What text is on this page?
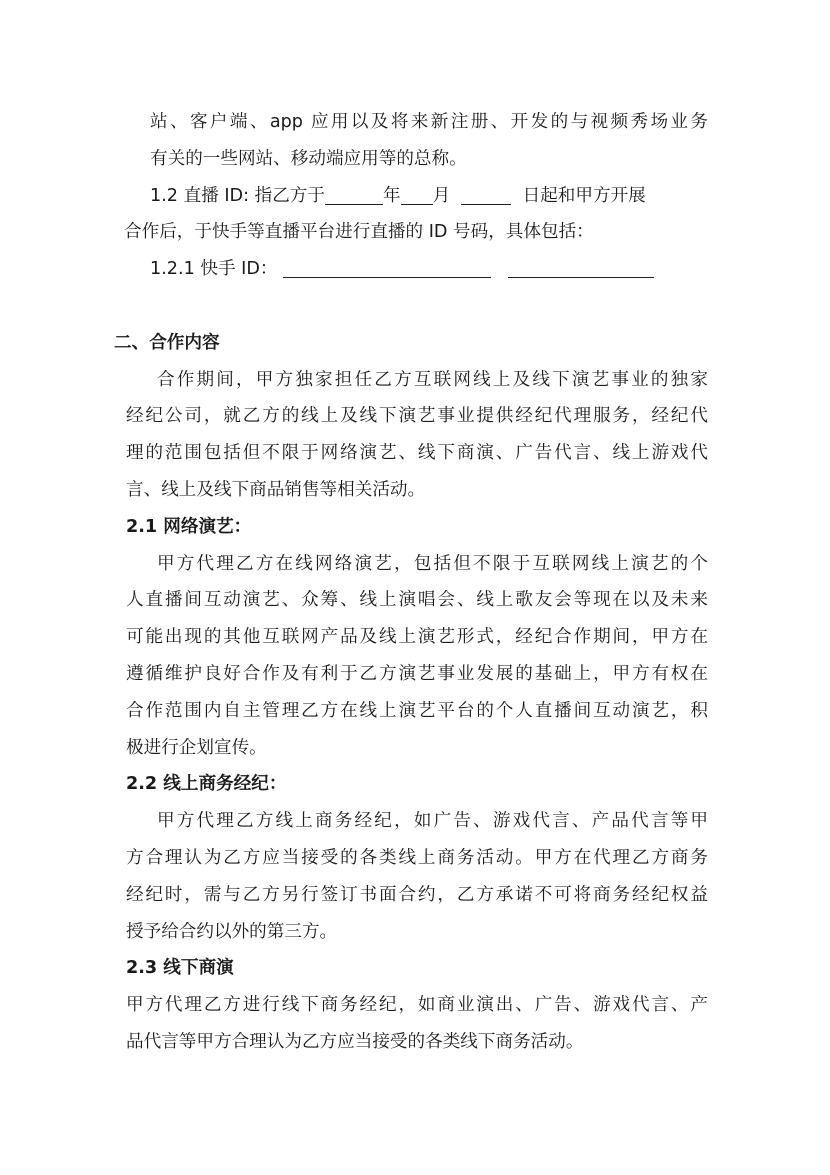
站、客户端、app 应用以及将来新注册、开发的与视频秀场业务
有关的一些网站、移动端应用等的总称。
1.2 直播 ID: 指乙方于	年 月	日起和甲方开展
合作后，于快手等直播平台进行直播的 ID 号码，具体包括：
1.2.1 快手 ID：
二、合作内容
合作期间，甲方独家担任乙方互联网线上及线下演艺事业的独家
经纪公司，就乙方的线上及线下演艺事业提供经纪代理服务，经纪代
理的范围包括但不限于网络演艺、线下商演、广告代言、线上游戏代
言、线上及线下商品销售等相关活动。
2.1 网络演艺：
甲方代理乙方在线网络演艺，包括但不限于互联网线上演艺的个
人直播间互动演艺、众筹、线上演唱会、线上歌友会等现在以及未来
可能出现的其他互联网产品及线上演艺形式，经纪合作期间，甲方在
遵循维护良好合作及有利于乙方演艺事业发展的基础上，甲方有权在
合作范围内自主管理乙方在线上演艺平台的个人直播间互动演艺，积
极进行企划宣传。
2.2 线上商务经纪：
甲方代理乙方线上商务经纪，如广告、游戏代言、产品代言等甲
方合理认为乙方应当接受的各类线上商务活动。甲方在代理乙方商务
经纪时，需与乙方另行签订书面合约，乙方承诺不可将商务经纪权益
授予给合约以外的第三方。
2.3 线下商演
甲方代理乙方进行线下商务经纪，如商业演出、广告、游戏代言、产
品代言等甲方合理认为乙方应当接受的各类线下商务活动。
